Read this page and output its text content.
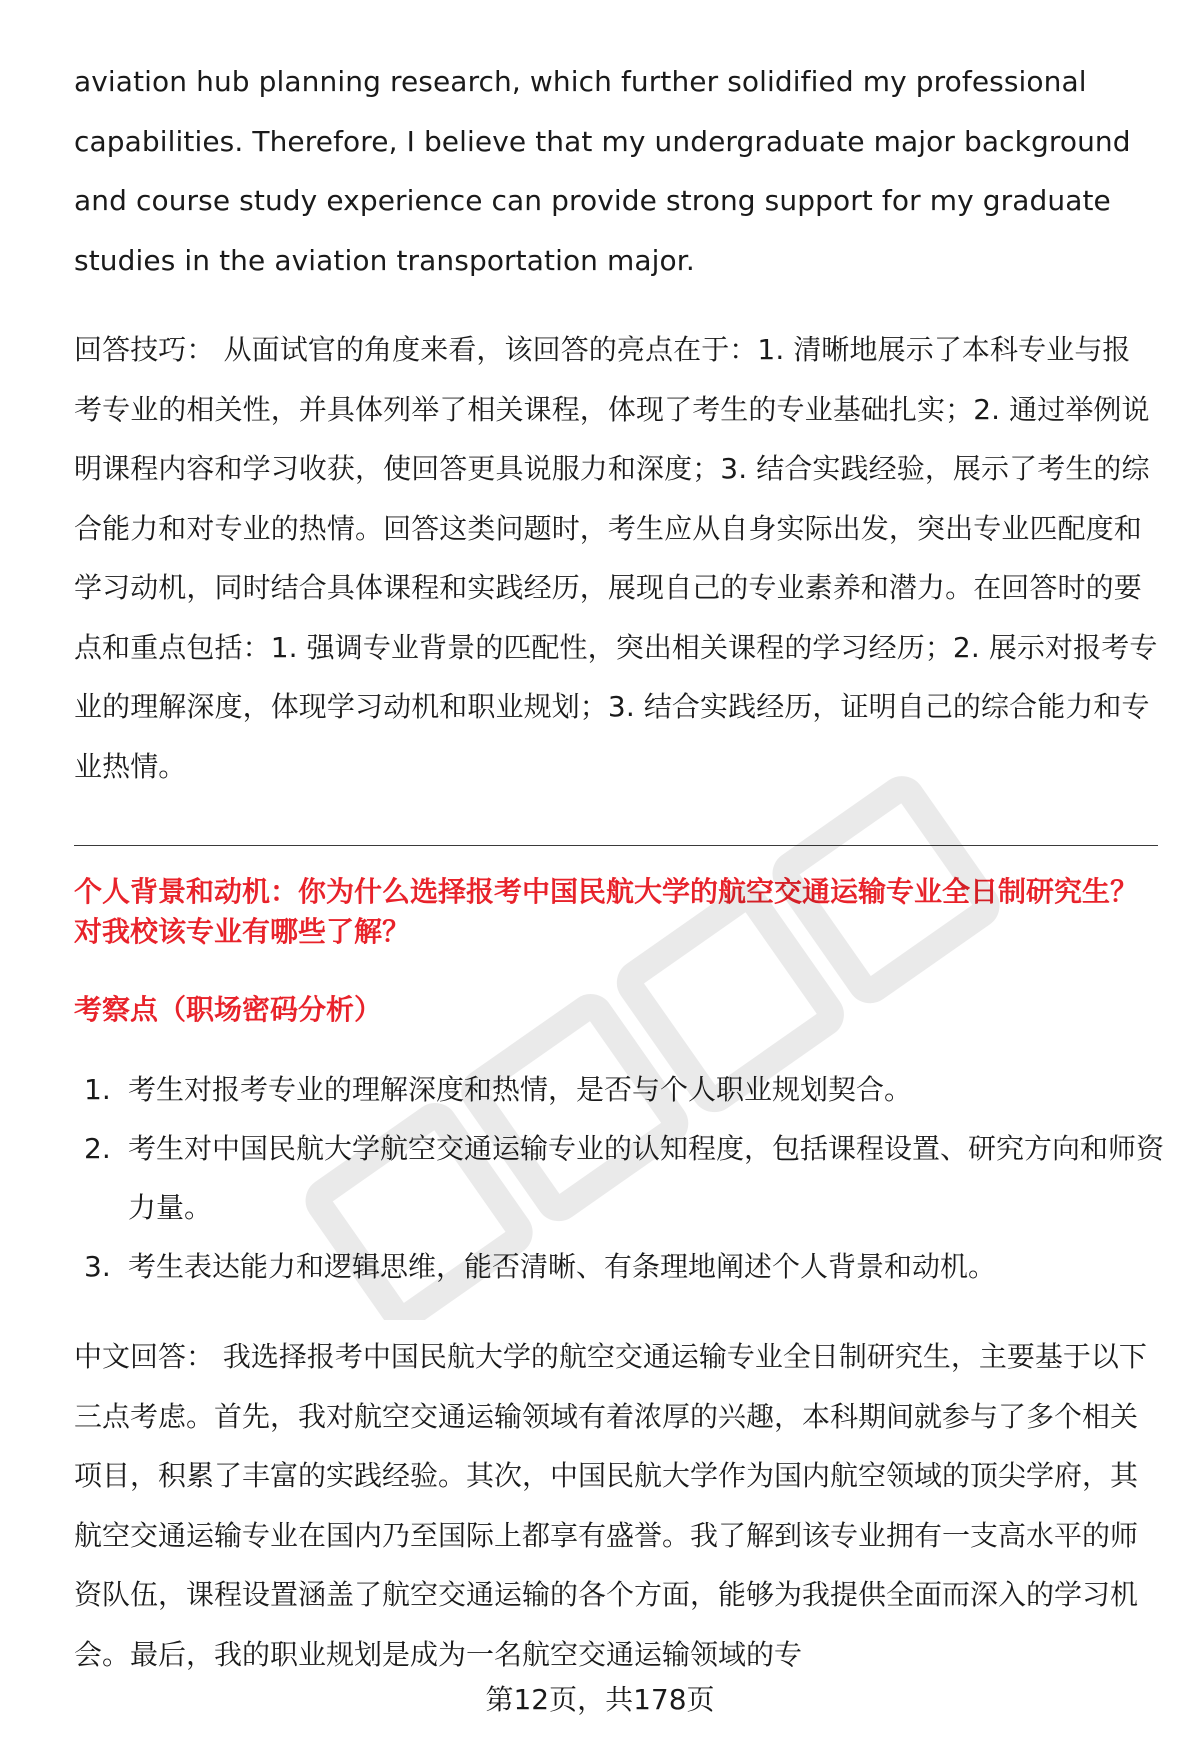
aviation hub planning research, which further solidified my professional capabilities. Therefore, I believe that my undergraduate major background and course study experience can provide strong support for my graduate studies in the aviation transportation major.

回答技巧： 从面试官的角度来看，该回答的亮点在于：1. 清晰地展示了本科专业与报考专业的相关性，并具体列举了相关课程，体现了考生的专业基础扎实；2. 通过举例说明课程内容和学习收获，使回答更具说服力和深度；3. 结合实践经验，展示了考生的综合能力和对专业的热情。回答这类问题时，考生应从自身实际出发，突出专业匹配度和学习动机，同时结合具体课程和实践经历，展现自己的专业素养和潜力。在回答时的要点和重点包括：1. 强调专业背景的匹配性，突出相关课程的学习经历；2. 展示对报考专业的理解深度，体现学习动机和职业规划；3. 结合实践经历，证明自己的综合能力和专业热情。

个人背景和动机：你为什么选择报考中国民航大学的航空交通运输专业全日制研究生？对我校该专业有哪些了解？
考察点（职场密码分析）
1. 考生对报考专业的理解深度和热情，是否与个人职业规划契合。
2. 考生对中国民航大学航空交通运输专业的认知程度，包括课程设置、研究方向和师资力量。
3. 考生表达能力和逻辑思维，能否清晰、有条理地阐述个人背景和动机。

中文回答： 我选择报考中国民航大学的航空交通运输专业全日制研究生，主要基于以下三点考虑。首先，我对航空交通运输领域有着浓厚的兴趣，本科期间就参与了多个相关项目，积累了丰富的实践经验。其次，中国民航大学作为国内航空领域的顶尖学府，其航空交通运输专业在国内乃至国际上都享有盛誉。我了解到该专业拥有一支高水平的师资队伍，课程设置涵盖了航空交通运输的各个方面，能够为我提供全面而深入的学习机会。最后，我的职业规划是成为一名航空交通运输领域的专

第12页，共178页
